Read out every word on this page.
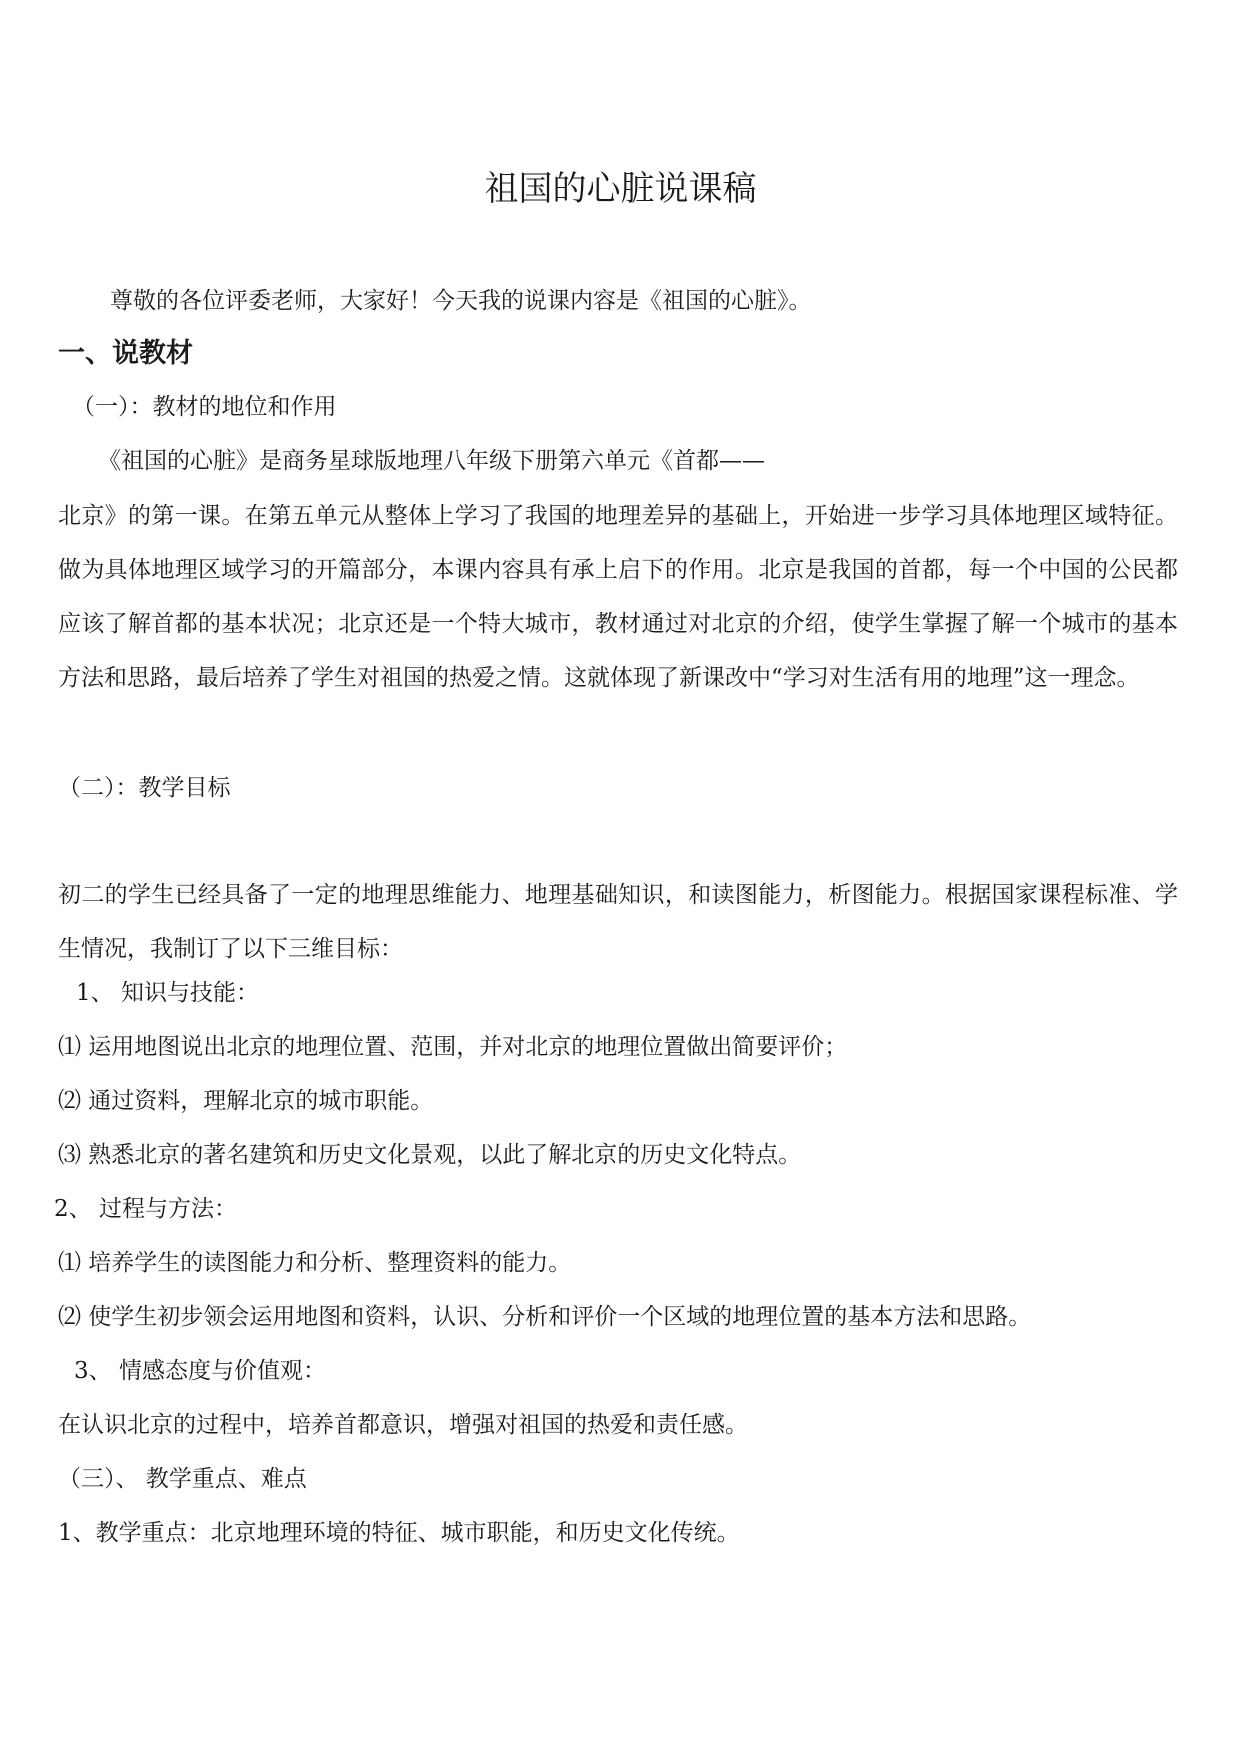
祖国的心脏说课稿

尊敬的各位评委老师，大家好！今天我的说课内容是《祖国的心脏》。

一、说教材

（一）：教材的地位和作用

《祖国的心脏》是商务星球版地理八年级下册第六单元《首都——

北京》的第一课。在第五单元从整体上学习了我国的地理差异的基础上，开始进一步学习具体地理区域特征。做为具体地理区域学习的开篇部分，本课内容具有承上启下的作用。北京是我国的首都，每一个中国的公民都应该了解首都的基本状况；北京还是一个特大城市，教材通过对北京的介绍，使学生掌握了解一个城市的基本方法和思路，最后培养了学生对祖国的热爱之情。这就体现了新课改中“学习对生活有用的地理”这一理念。

（二）：教学目标

初二的学生已经具备了一定的地理思维能力、地理基础知识，和读图能力，析图能力。根据国家课程标准、学生情况，我制订了以下三维目标：

1、 知识与技能：

⑴ 运用地图说出北京的地理位置、范围，并对北京的地理位置做出简要评价；

⑵ 通过资料，理解北京的城市职能。

⑶ 熟悉北京的著名建筑和历史文化景观，以此了解北京的历史文化特点。

2、 过程与方法：

⑴ 培养学生的读图能力和分析、整理资料的能力。

⑵ 使学生初步领会运用地图和资料，认识、分析和评价一个区域的地理位置的基本方法和思路。

3、 情感态度与价值观：

在认识北京的过程中，培养首都意识，增强对祖国的热爱和责任感。

（三）、 教学重点、难点

1、教学重点：北京地理环境的特征、城市职能，和历史文化传统。
